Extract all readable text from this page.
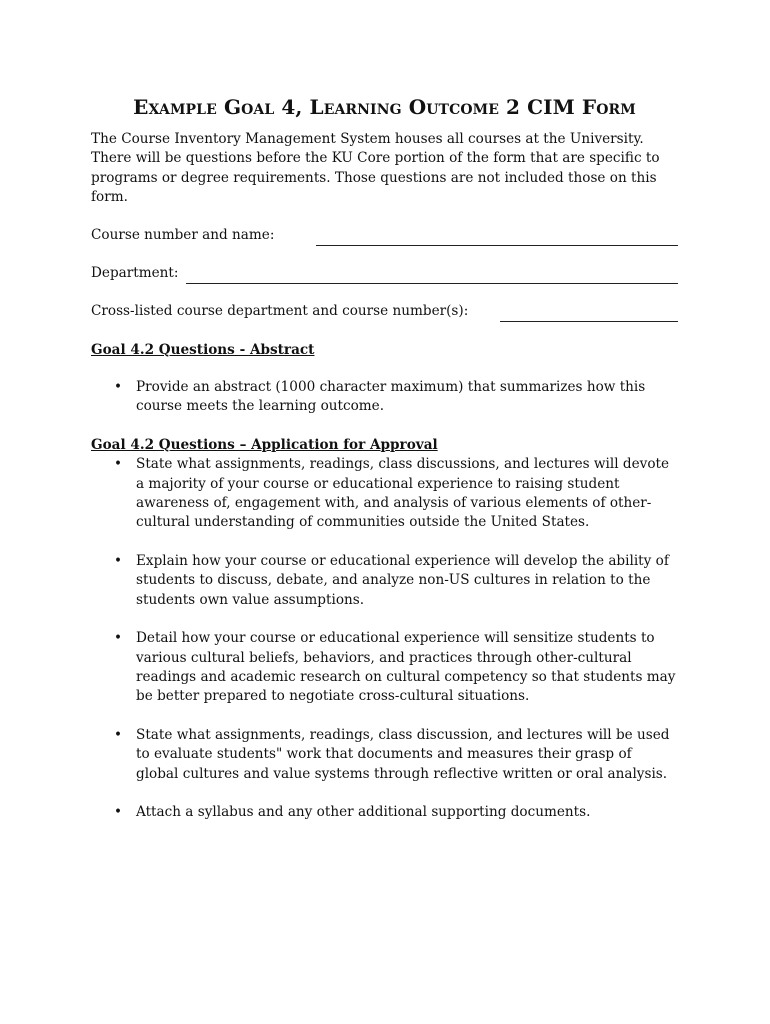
Example Goal 4, Learning Outcome 2 CIM Form

The Course Inventory Management System houses all courses at the University. There will be questions before the KU Core portion of the form that are specific to programs or degree requirements. Those questions are not included those on this form.

Course number and name:
Department:
Cross-listed course department and course number(s):

Goal 4.2 Questions - Abstract

• Provide an abstract (1000 character maximum) that summarizes how this course meets the learning outcome.

Goal 4.2 Questions – Application for Approval

• State what assignments, readings, class discussions, and lectures will devote a majority of your course or educational experience to raising student awareness of, engagement with, and analysis of various elements of other-cultural understanding of communities outside the United States.
• Explain how your course or educational experience will develop the ability of students to discuss, debate, and analyze non-US cultures in relation to the students own value assumptions.
• Detail how your course or educational experience will sensitize students to various cultural beliefs, behaviors, and practices through other-cultural readings and academic research on cultural competency so that students may be better prepared to negotiate cross-cultural situations.
• State what assignments, readings, class discussion, and lectures will be used to evaluate students" work that documents and measures their grasp of global cultures and value systems through reflective written or oral analysis.
• Attach a syllabus and any other additional supporting documents.
